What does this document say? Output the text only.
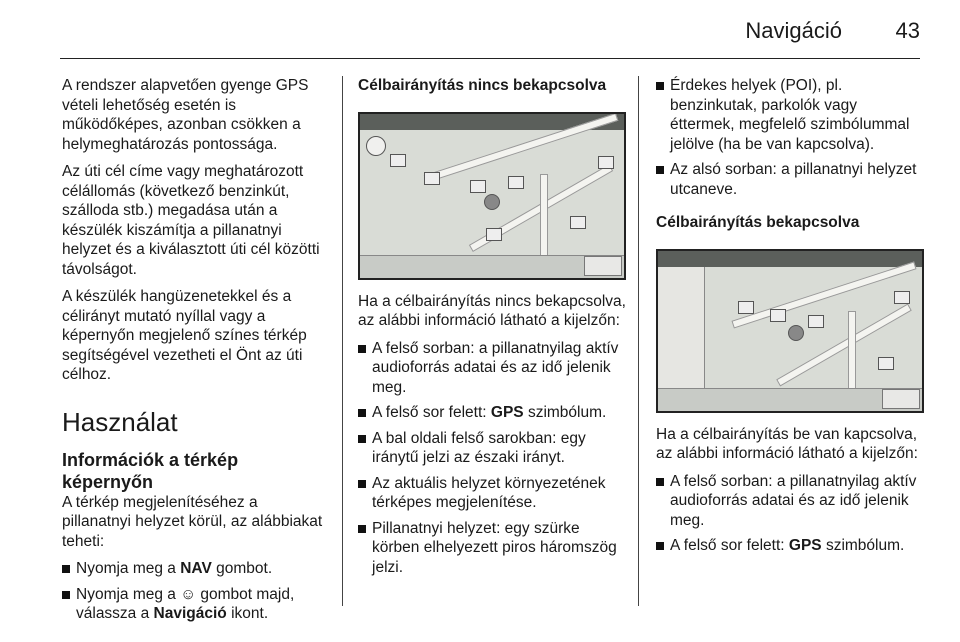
Navigáció 43

A rendszer alapvetően gyenge GPS vételi lehetőség esetén is működőképes, azonban csökken a helymeghatározás pontossága.

Az úti cél címe vagy meghatározott célállomás (következő benzinkút, szálloda stb.) megadása után a készülék kiszámítja a pillanatnyi helyzet és a kiválasztott úti cél közötti távolságot.

A készülék hangüzenetekkel és a célirányt mutató nyíllal vagy a képernyőn megjelenő színes térkép segítségével vezetheti el Önt az úti célhoz.

Használat
Információk a térkép képernyőn

A térkép megjelenítéséhez a pillanatnyi helyzet körül, az alábbiakat teheti:

Nyomja meg a NAV gombot.
Nyomja meg a ☺ gombot majd, válassza a Navigáció ikont.
Célbairányítás nincs bekapcsolva

Ha a célbairányítás nincs bekapcsolva, az alábbi információ látható a kijelzőn:

A felső sorban: a pillanatnyilag aktív audioforrás adatai és az idő jelenik meg.
A felső sor felett: GPS szimbólum.
A bal oldali felső sarokban: egy iránytű jelzi az északi irányt.
Az aktuális helyzet környezetének térképes megjelenítése.
Pillanatnyi helyzet: egy szürke körben elhelyezett piros háromszög jelzi.
Érdekes helyek (POI), pl. benzinkutak, parkolók vagy éttermek, megfelelő szimbólummal jelölve (ha be van kapcsolva).
Az alsó sorban: a pillanatnyi helyzet utcaneve.
Célbairányítás bekapcsolva

Ha a célbairányítás be van kapcsolva, az alábbi információ látható a kijelzőn:

A felső sorban: a pillanatnyilag aktív audioforrás adatai és az idő jelenik meg.
A felső sor felett: GPS szimbólum.
